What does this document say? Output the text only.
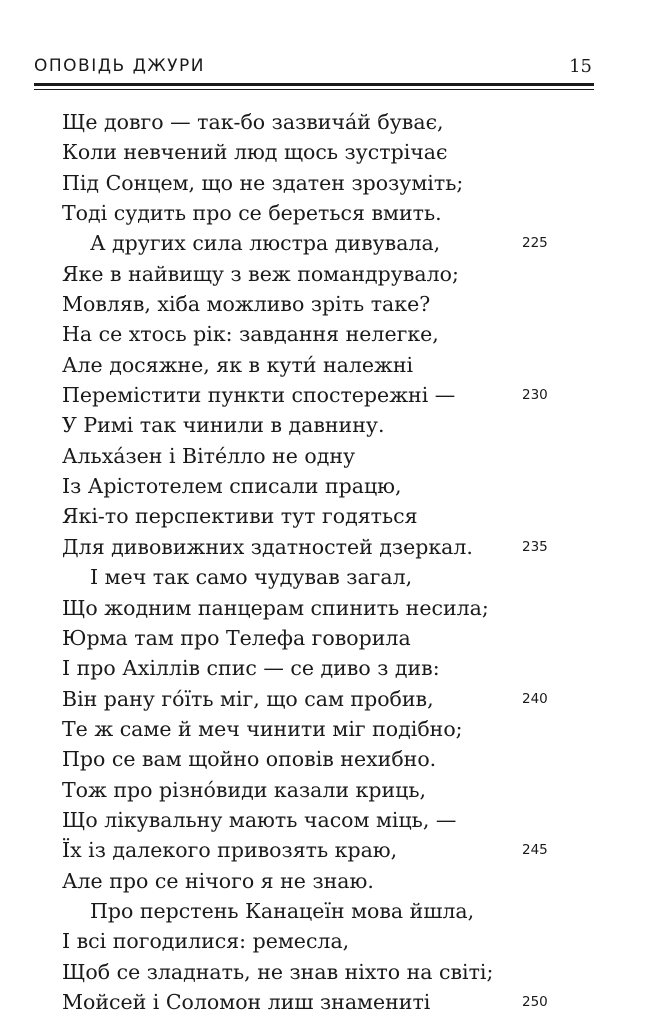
ОПОВІДЬ ДЖУРИ	15
Ще довго — так-бо зазвича́й буває,
Коли невчений люд щось зустрічає
Під Сонцем, що не здатен зрозуміть;
Тоді судить про се береться вмить.
А других сила люстра дивувала,	225
Яке в найвищу з веж помандрувало;
Мовляв, хіба можливо зріть таке?
На се хтось рік: завдання нелегке,
Але досяжне, як в кути́ належні
Перемістити пункти спостережні —	230
У Римі так чинили в давнину.
Альха́зен і Віте́лло не одну
Із Арістотелем списали працю,
Які-то перспективи тут годяться
Для дивовижних здатностей дзеркал.	235
І меч так само чудував загал,
Що жодним панцерам спинить несила;
Юрма там про Телефа говорила
І про Ахіллів спис — се диво з див:
Він рану го́їть міг, що сам пробив,	240
Те ж саме й меч чинити міг подібно;
Про се вам щойно оповів нехибно.
Тож про різно́види казали криць,
Що лікувальну мають часом міць, —
Їх із далекого привозять краю,	245
Але про се нічого я не знаю.
Про перстень Канацеїн мова йшла,
І всі погодилися: ремесла,
Щоб се зладнать, не знав ніхто на світі;
Мойсей і Соломон лиш знамениті	250
